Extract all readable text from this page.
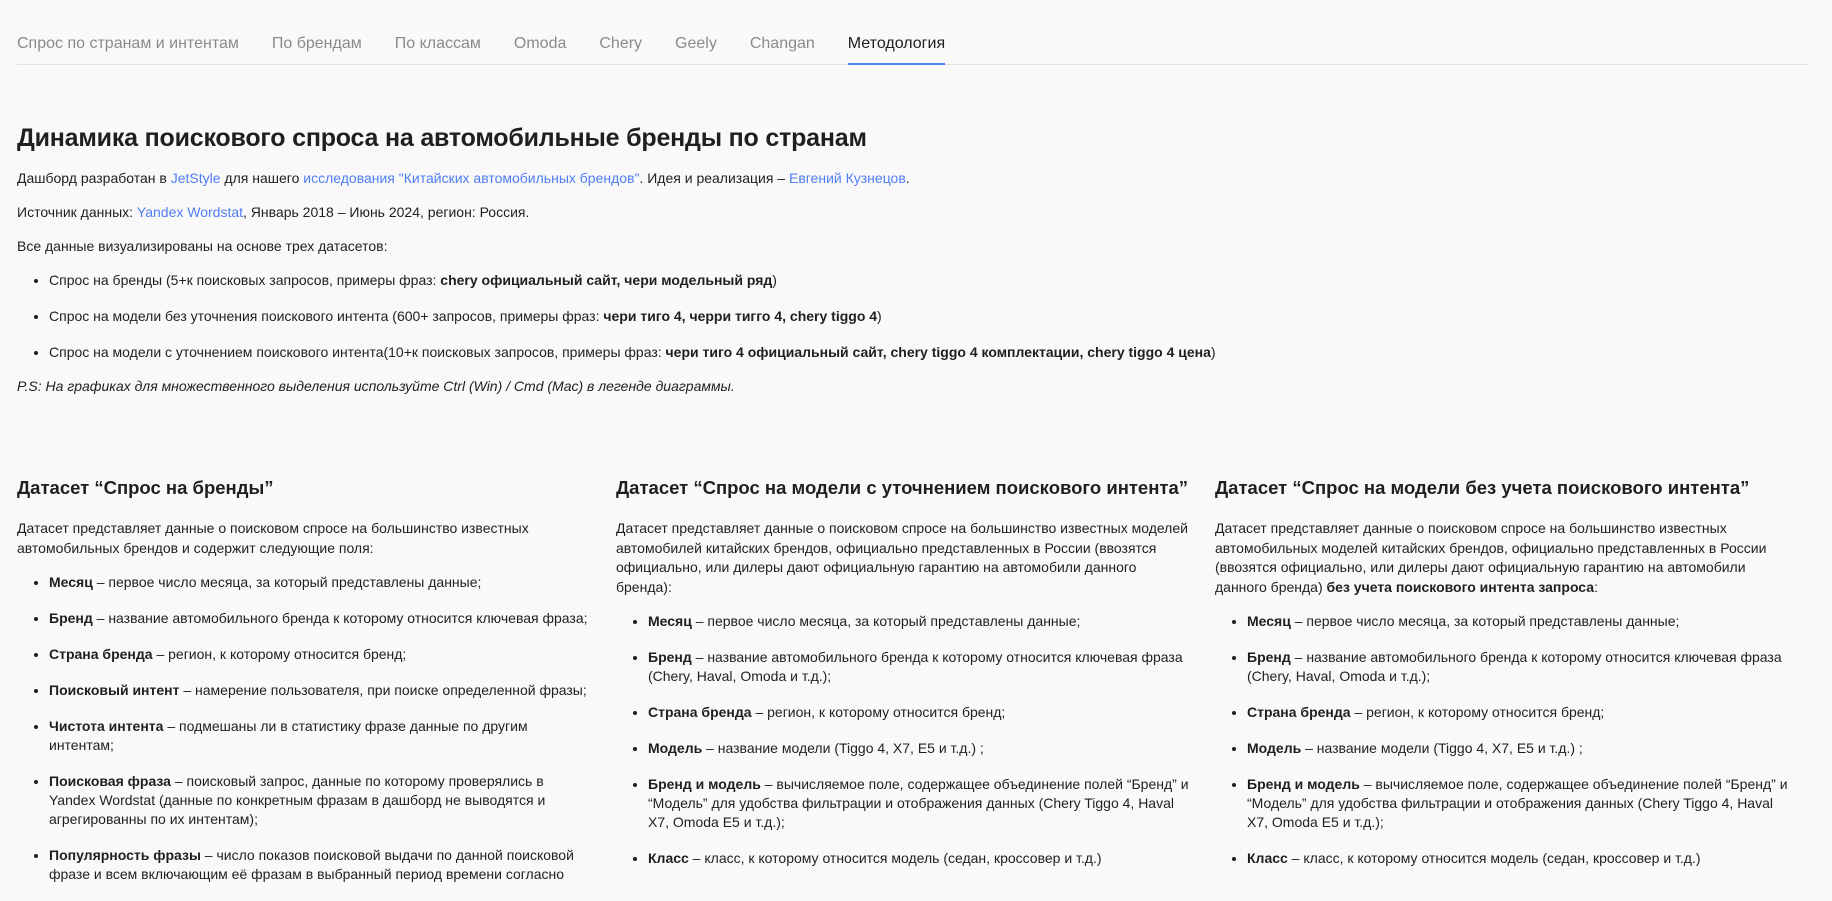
Спрос по странам и интентам По брендам По классам Omoda Chery Geely Changan Методология
Динамика поискового спроса на автомобильные бренды по странам

Дашборд разработан в JetStyle для нашего исследования "Китайских автомобильных брендов". Идея и реализация – Евгений Кузнецов.

Источник данных: Yandex Wordstat, Январь 2018 – Июнь 2024, регион: Россия.

Все данные визуализированы на основе трех датасетов:

• Спрос на бренды (5+к поисковых запросов, примеры фраз: chery официальный сайт, чери модельный ряд)
• Спрос на модели без уточнения поискового интента (600+ запросов, примеры фраз: чери тиго 4, черри тигго 4, chery tiggo 4)
• Спрос на модели с уточнением поискового интента(10+к поисковых запросов, примеры фраз: чери тиго 4 официальный сайт, chery tiggo 4 комплектации, chery tiggo 4 цена)

P.S: На графиках для множественного выделения используйте Ctrl (Win) / Cmd (Mac) в легенде диаграммы.

Датасет “Спрос на бренды”

Датасет представляет данные о поисковом спросе на большинство известных автомобильных брендов и содержит следующие поля:

• Месяц – первое число месяца, за который представлены данные;
• Бренд – название автомобильного бренда к которому относится ключевая фраза;
• Страна бренда – регион, к которому относится бренд;
• Поисковый интент – намерение пользователя, при поиске определенной фразы;
• Чистота интента – подмешаны ли в статистику фразе данные по другим интентам;
• Поисковая фраза – поисковый запрос, данные по которому проверялись в Yandex Wordstat (данные по конкретным фразам в дашборд не выводятся и агрегированны по их интентам);
• Популярность фразы – число показов поисковой выдачи по данной поисковой фразе и всем включающим её фразам в выбранный период времени согласно
Датасет “Спрос на модели с уточнением поискового интента”

Датасет представляет данные о поисковом спросе на большинство известных моделей автомобилей китайских брендов, официально представленных в России (ввозятся официально, или дилеры дают официальную гарантию на автомобили данного бренда):

• Месяц – первое число месяца, за который представлены данные;
• Бренд – название автомобильного бренда к которому относится ключевая фраза (Chery, Haval, Omoda и т.д.);
• Страна бренда – регион, к которому относится бренд;
• Модель – название модели (Tiggo 4, X7, E5 и т.д.) ;
• Бренд и модель – вычисляемое поле, содержащее объединение полей “Бренд” и “Модель” для удобства фильтрации и отображения данных (Chery Tiggo 4, Haval X7, Omoda E5 и т.д.);
• Класс – класс, к которому относится модель (седан, кроссовер и т.д.)
Датасет “Спрос на модели без учета поискового интента”

Датасет представляет данные о поисковом спросе на большинство известных автомобильных моделей китайских брендов, официально представленных в России (ввозятся официально, или дилеры дают официальную гарантию на автомобили данного бренда) без учета поискового интента запроса:

• Месяц – первое число месяца, за который представлены данные;
• Бренд – название автомобильного бренда к которому относится ключевая фраза (Chery, Haval, Omoda и т.д.);
• Страна бренда – регион, к которому относится бренд;
• Модель – название модели (Tiggo 4, X7, E5 и т.д.) ;
• Бренд и модель – вычисляемое поле, содержащее объединение полей “Бренд” и “Модель” для удобства фильтрации и отображения данных (Chery Tiggo 4, Haval X7, Omoda E5 и т.д.);
• Класс – класс, к которому относится модель (седан, кроссовер и т.д.)
